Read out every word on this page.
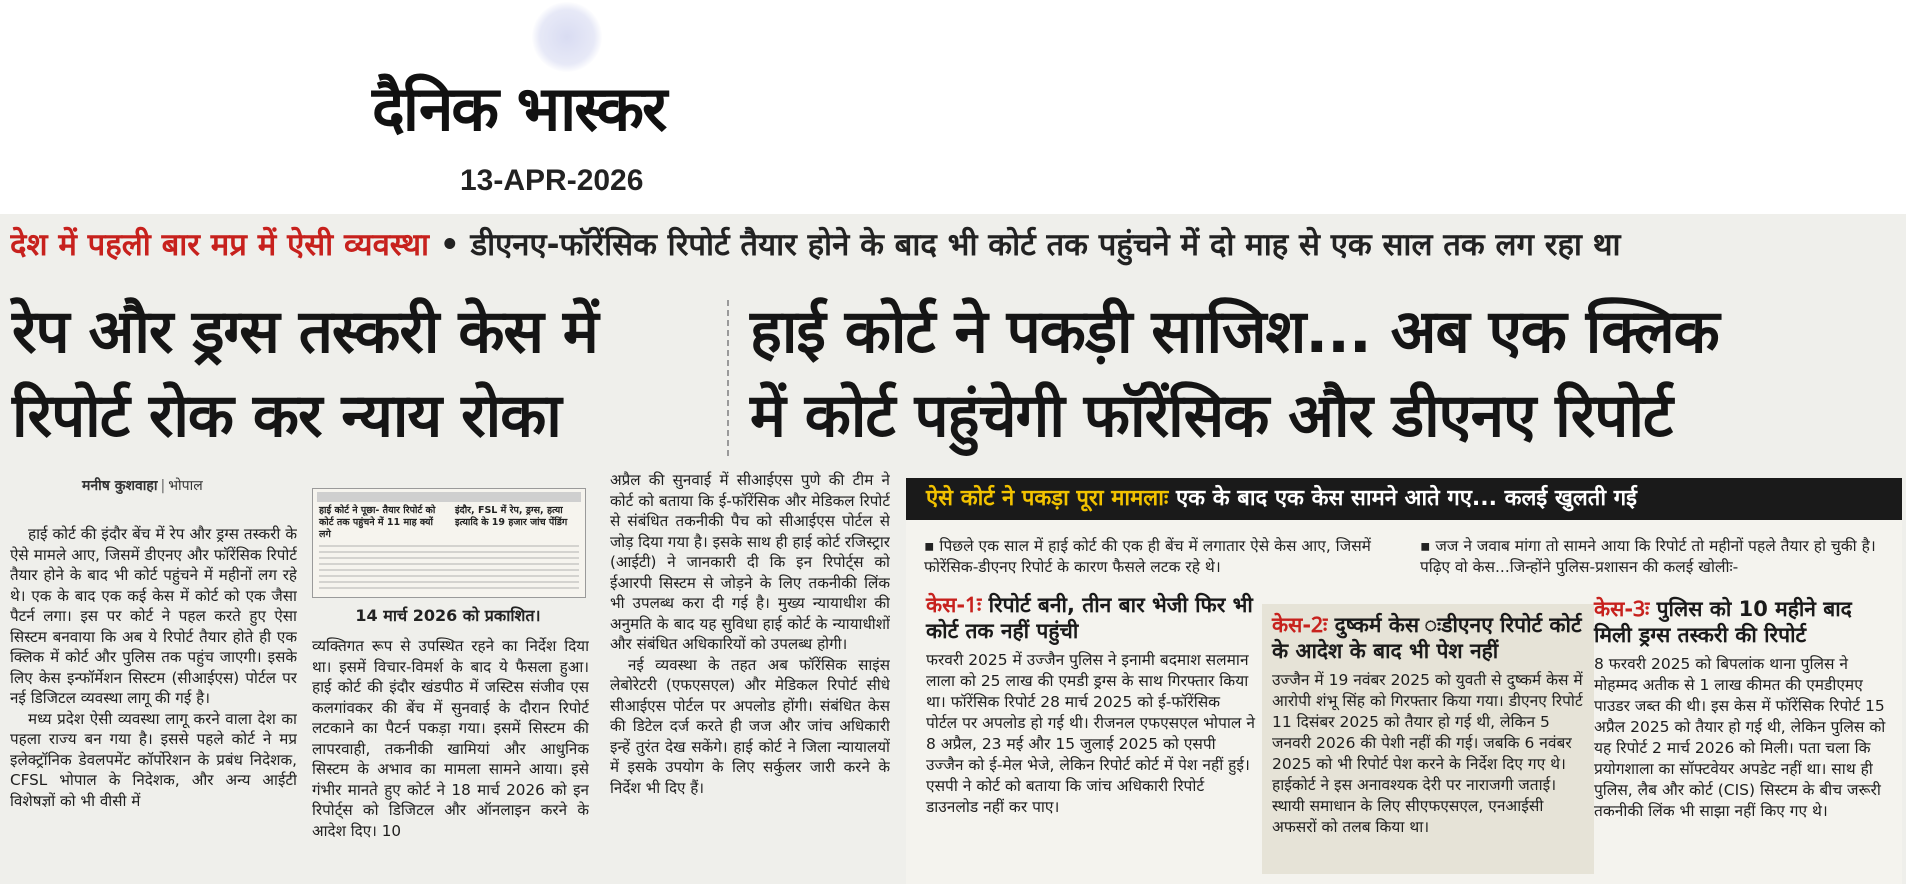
दैनिक भास्कर
13-APR-2026
देश में पहली बार मप्र में ऐसी व्यवस्था • डीएनए-फॉरेंसिक रिपोर्ट तैयार होने के बाद भी कोर्ट तक पहुंचने में दो माह से एक साल तक लग रहा था
रेप और ड्रग्स तस्करी केस में
रिपोर्ट रोक कर न्याय रोका
हाई कोर्ट ने पकड़ी साजिश... अब एक क्लिक
में कोर्ट पहुंचेगी फॉरेंसिक और डीएनए रिपोर्ट
मनीष कुशवाहा | भोपाल

हाई कोर्ट की इंदौर बेंच में रेप और ड्रग्स तस्करी के ऐसे मामले आए, जिसमें डीएनए और फॉरेंसिक रिपोर्ट तैयार होने के बाद भी कोर्ट पहुंचने में महीनों लग रहे थे। एक के बाद एक कई केस में कोर्ट को एक जैसा पैटर्न लगा। इस पर कोर्ट ने पहल करते हुए ऐसा सिस्टम बनवाया कि अब ये रिपोर्ट तैयार होते ही एक क्लिक में कोर्ट और पुलिस तक पहुंच जाएगी। इसके लिए केस इन्फॉर्मेशन सिस्टम (सीआईएस) पोर्टल पर नई डिजिटल व्यवस्था लागू की गई है।

मध्य प्रदेश ऐसी व्यवस्था लागू करने वाला देश का पहला राज्य बन गया है। इससे पहले कोर्ट ने मप्र इलेक्ट्रॉनिक डेवलपमेंट कॉर्पोरेशन के प्रबंध निदेशक, CFSL भोपाल के निदेशक, और अन्य आईटी विशेषज्ञों को भी वीसी में

हाई कोर्ट ने पूछा- तैयार रिपोर्ट को कोर्ट तक पहुंचने में 11 माह क्यों लगे
इंदौर, FSL में रेप, ड्रग्स, हत्या इत्यादि के 19 हजार जांच पेंडिंग
14 मार्च 2026 को प्रकाशित।

व्यक्तिगत रूप से उपस्थित रहने का निर्देश दिया था। इसमें विचार-विमर्श के बाद ये फैसला हुआ। हाई कोर्ट की इंदौर खंडपीठ में जस्टिस संजीव एस कलगांवकर की बेंच में सुनवाई के दौरान रिपोर्ट लटकाने का पैटर्न पकड़ा गया। इसमें सिस्टम की लापरवाही, तकनीकी खामियां और आधुनिक सिस्टम के अभाव का मामला सामने आया। इसे गंभीर मानते हुए कोर्ट ने 18 मार्च 2026 को इन रिपोर्ट्स को डिजिटल और ऑनलाइन करने के आदेश दिए। 10

अप्रैल की सुनवाई में सीआईएस पुणे की टीम ने कोर्ट को बताया कि ई-फॉरेंसिक और मेडिकल रिपोर्ट से संबंधित तकनीकी पैच को सीआईएस पोर्टल से जोड़ दिया गया है। इसके साथ ही हाई कोर्ट रजिस्ट्रार (आईटी) ने जानकारी दी कि इन रिपोर्ट्स को ईआरपी सिस्टम से जोड़ने के लिए तकनीकी लिंक भी उपलब्ध करा दी गई है। मुख्य न्यायाधीश की अनुमति के बाद यह सुविधा हाई कोर्ट के न्यायाधीशों और संबंधित अधिकारियों को उपलब्ध होगी।

नई व्यवस्था के तहत अब फॉरेंसिक साइंस लेबोरेटरी (एफएसएल) और मेडिकल रिपोर्ट सीधे सीआईएस पोर्टल पर अपलोड होंगी। संबंधित केस की डिटेल दर्ज करते ही जज और जांच अधिकारी इन्हें तुरंत देख सकेंगे। हाई कोर्ट ने जिला न्यायालयों में इसके उपयोग के लिए सर्कुलर जारी करने के निर्देश भी दिए हैं।

ऐसे कोर्ट ने पकड़ा पूरा मामलाः एक के बाद एक केस सामने आते गए... कलई खुलती गई
▪ पिछले एक साल में हाई कोर्ट की एक ही बेंच में लगातार ऐसे केस आए, जिसमें फोरेंसिक-डीएनए रिपोर्ट के कारण फैसले लटक रहे थे।
▪ जज ने जवाब मांगा तो सामने आया कि रिपोर्ट तो महीनों पहले तैयार हो चुकी है। पढ़िए वो केस...जिन्होंने पुलिस-प्रशासन की कलई खोलीः-
केस-1ः रिपोर्ट बनी, तीन बार भेजी फिर भी कोर्ट तक नहीं पहुंची
फरवरी 2025 में उज्जैन पुलिस ने इनामी बदमाश सलमान लाला को 25 लाख की एमडी ड्रग्स के साथ गिरफ्तार किया था। फॉरेंसिक रिपोर्ट 28 मार्च 2025 को ई-फॉरेंसिक पोर्टल पर अपलोड हो गई थी। रीजनल एफएसएल भोपाल ने 8 अप्रैल, 23 मई और 15 जुलाई 2025 को एसपी उज्जैन को ई-मेल भेजे, लेकिन रिपोर्ट कोर्ट में पेश नहीं हुई। एसपी ने कोर्ट को बताया कि जांच अधिकारी रिपोर्ट डाउनलोड नहीं कर पाए।
केस-2ः दुष्कर्म केस ःडीएनए रिपोर्ट कोर्ट के आदेश के बाद भी पेश नहीं
उज्जैन में 19 नवंबर 2025 को युवती से दुष्कर्म केस में आरोपी शंभू सिंह को गिरफ्तार किया गया। डीएनए रिपोर्ट 11 दिसंबर 2025 को तैयार हो गई थी, लेकिन 5 जनवरी 2026 की पेशी नहीं की गई। जबकि 6 नवंबर 2025 को भी रिपोर्ट पेश करने के निर्देश दिए गए थे। हाईकोर्ट ने इस अनावश्यक देरी पर नाराजगी जताई। स्थायी समाधान के लिए सीएफएसएल, एनआईसी अफसरों को तलब किया था।
केस-3ः पुलिस को 10 महीने बाद मिली ड्रग्स तस्करी की रिपोर्ट
8 फरवरी 2025 को बिपलांक थाना पुलिस ने मोहम्मद अतीक से 1 लाख कीमत की एमडीएमए पाउडर जब्त की थी। इस केस में फॉरेंसिक रिपोर्ट 15 अप्रैल 2025 को तैयार हो गई थी, लेकिन पुलिस को यह रिपोर्ट 2 मार्च 2026 को मिली। पता चला कि प्रयोगशाला का सॉफ्टवेयर अपडेट नहीं था। साथ ही पुलिस, लैब और कोर्ट (CIS) सिस्टम के बीच जरूरी तकनीकी लिंक भी साझा नहीं किए गए थे।
